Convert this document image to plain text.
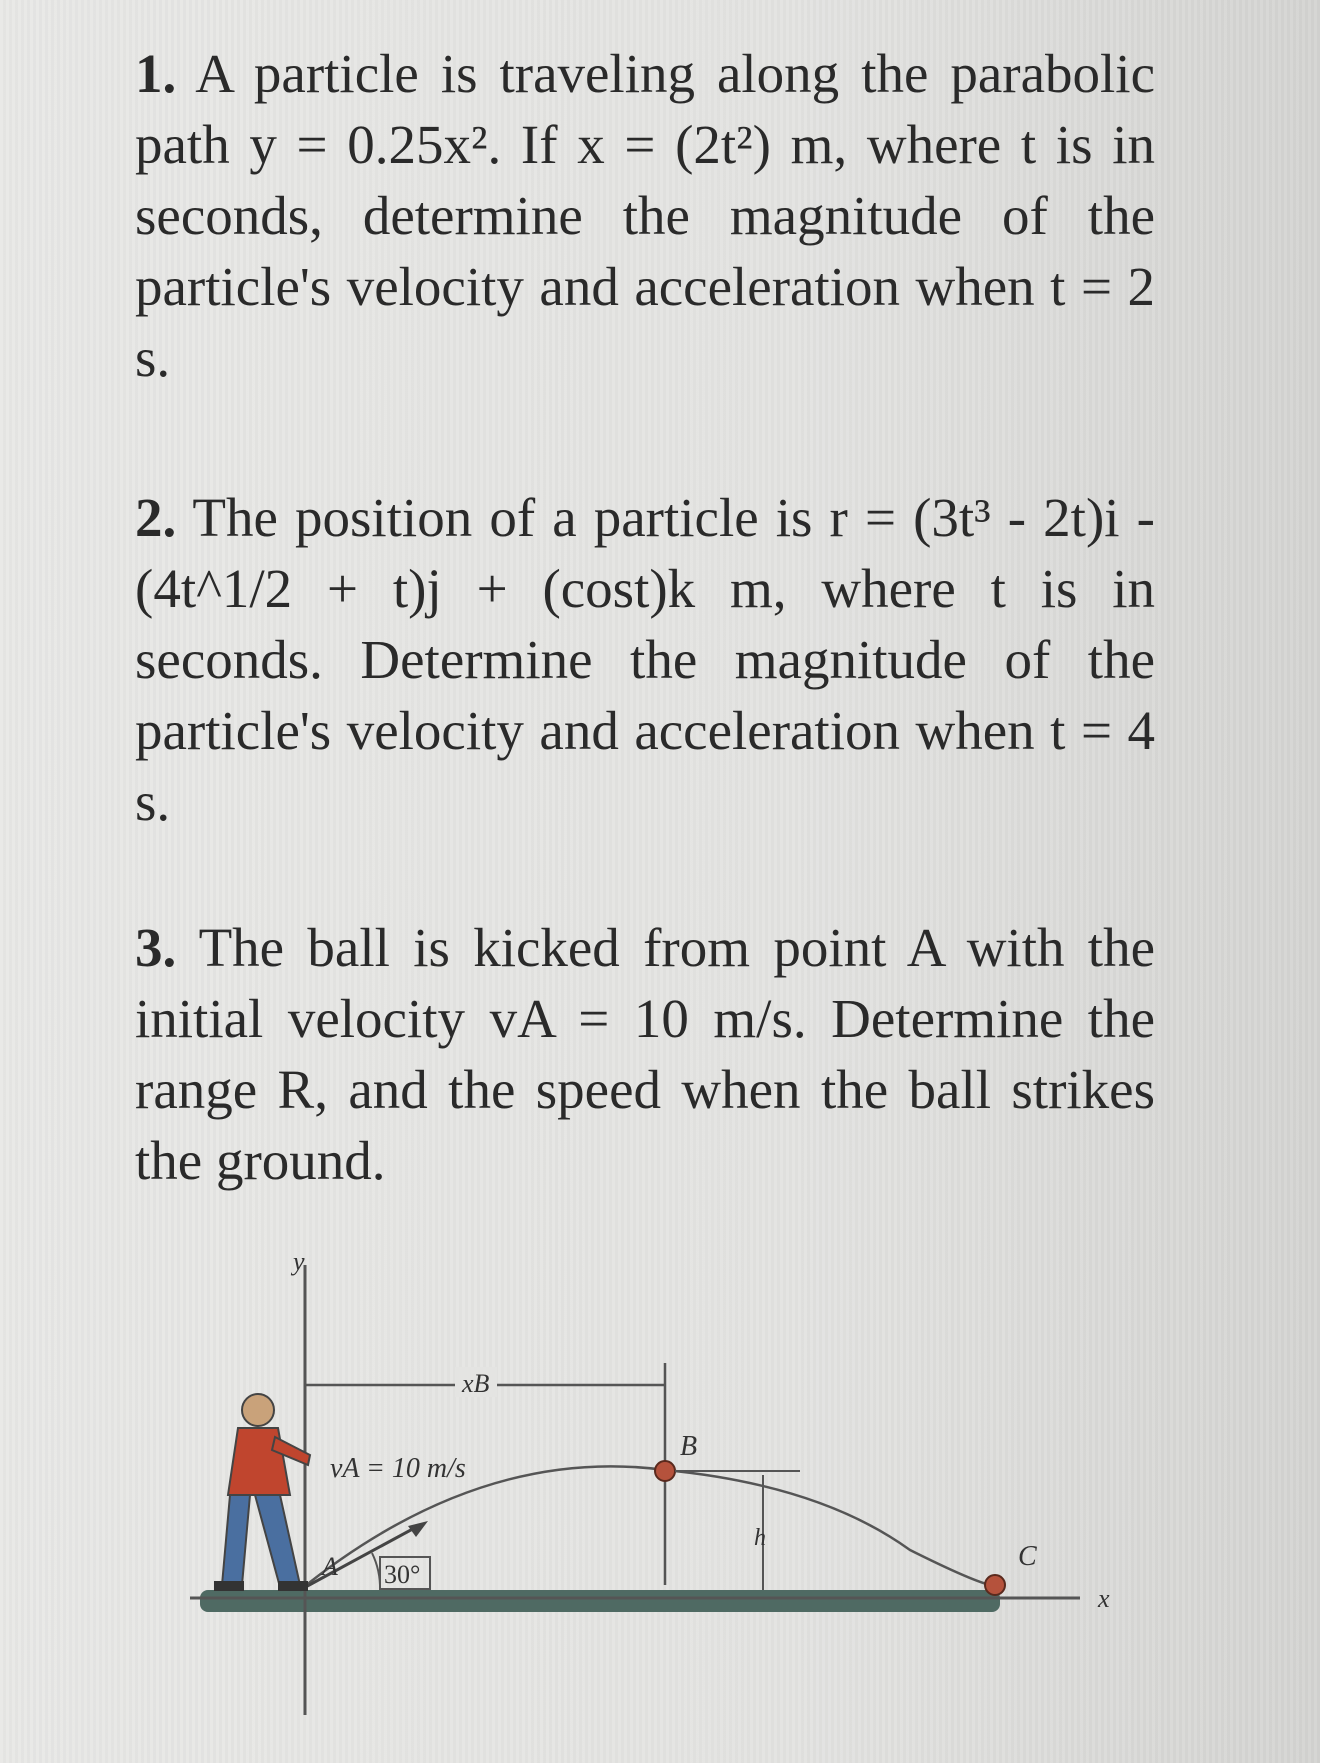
1. A particle is traveling along the parabolic path y = 0.25x². If x = (2t²) m, where t is in seconds, determine the magnitude of the particle's velocity and acceleration when t = 2 s.

2. The position of a particle is r = (3t³ - 2t)i - (4t^1/2 + t)j + (cost)k m, where t is in seconds. Determine the magnitude of the particle's velocity and acceleration when t = 4 s.

3. The ball is kicked from point A with the initial velocity vA = 10 m/s. Determine the range R, and the speed when the ball strikes the ground.

y
x
xB
vA = 10 m/s
30°
A
B
h
C
